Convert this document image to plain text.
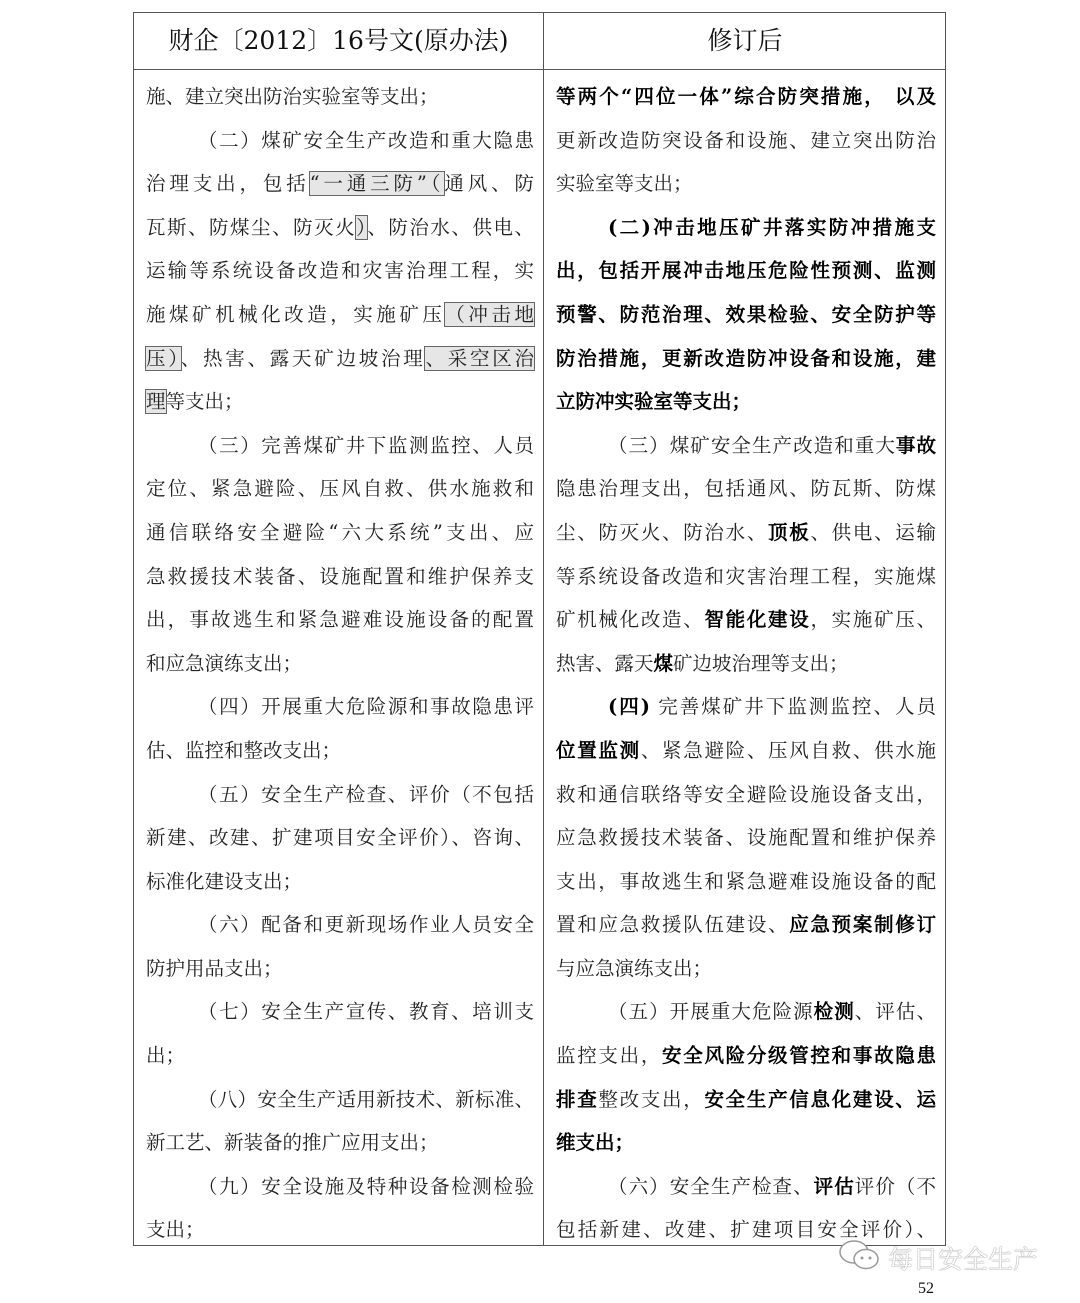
财企〔2012〕16号文(原办法)	修订后
施、建立突出防治实验室等支出；
（二）煤矿安全生产改造和重大隐患
治理支出，包括“一通三防”（通风、防
瓦斯、防煤尘、防灭火）、防治水、供电、
运输等系统设备改造和灾害治理工程，实
施煤矿机械化改造，实施矿压（冲击地
压）、热害、露天矿边坡治理、采空区治
理等支出；
（三）完善煤矿井下监测监控、人员
定位、紧急避险、压风自救、供水施救和
通信联络安全避险“六大系统”支出、应
急救援技术装备、设施配置和维护保养支
出，事故逃生和紧急避难设施设备的配置
和应急演练支出；
（四）开展重大危险源和事故隐患评
估、监控和整改支出；
（五）安全生产检查、评价（不包括
新建、改建、扩建项目安全评价）、咨询、
标准化建设支出；
（六）配备和更新现场作业人员安全
防护用品支出；
（七）安全生产宣传、教育、培训支
出；
（八）安全生产适用新技术、新标准、
新工艺、新装备的推广应用支出；
（九）安全设施及特种设备检测检验
支出；
等两个“四位一体”综合防突措施， 以及
更新改造防突设备和设施、建立突出防治
实验室等支出；
(二)冲击地压矿井落实防冲措施支
出，包括开展冲击地压危险性预测、监测
预警、防范治理、效果检验、安全防护等
防治措施，更新改造防冲设备和设施，建
立防冲实验室等支出；
（三）煤矿安全生产改造和重大事故
隐患治理支出，包括通风、防瓦斯、防煤
尘、防灭火、防治水、顶板、供电、运输
等系统设备改造和灾害治理工程，实施煤
矿机械化改造、智能化建设，实施矿压、
热害、露天煤矿边坡治理等支出；
(四) 完善煤矿井下监测监控、人员
位置监测、紧急避险、压风自救、供水施
救和通信联络等安全避险设施设备支出，
应急救援技术装备、设施配置和维护保养
支出，事故逃生和紧急避难设施设备的配
置和应急救援队伍建设、应急预案制修订
与应急演练支出；
（五）开展重大危险源检测、评估、
监控支出，安全风险分级管控和事故隐患
排查整改支出，安全生产信息化建设、运
维支出；
（六）安全生产检查、评估评价（不
包括新建、改建、扩建项目安全评价）、
每日安全生产
52
